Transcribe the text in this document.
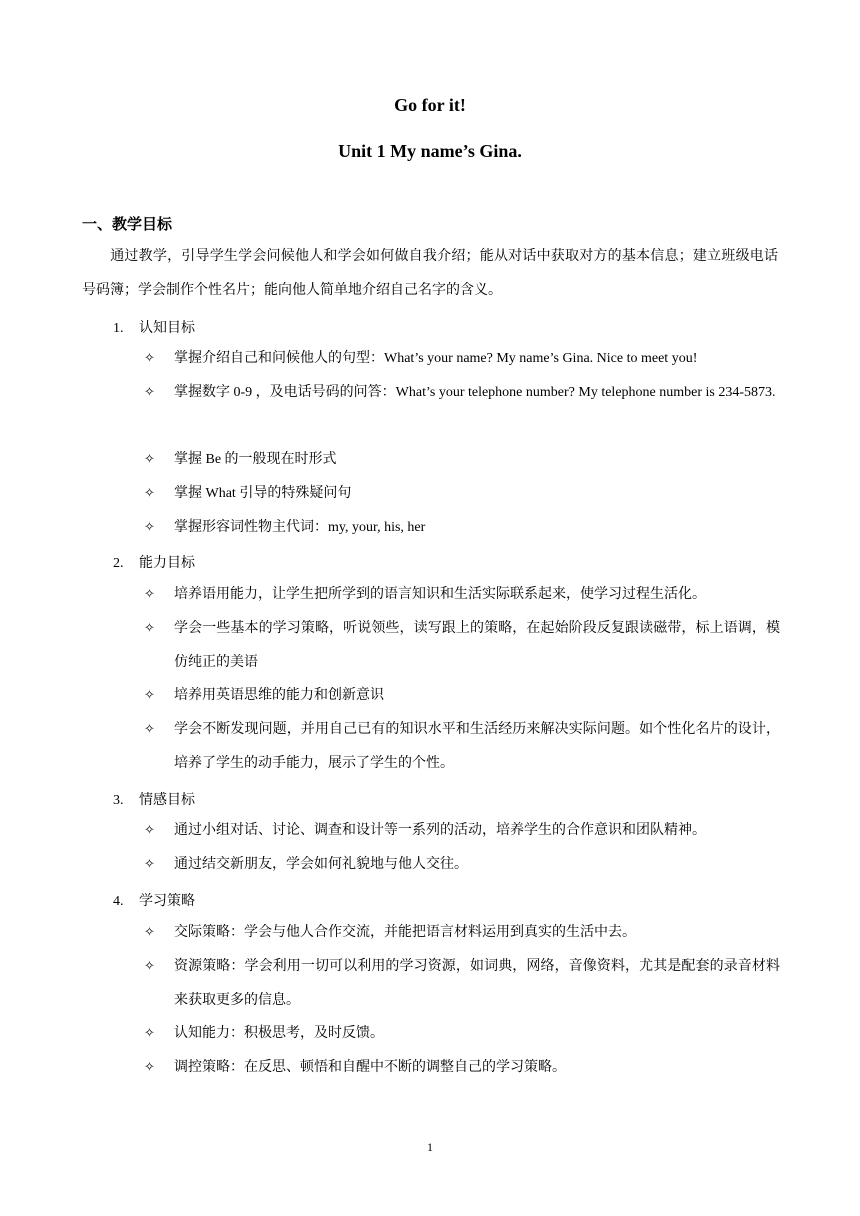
Go for it!
Unit 1 My name’s Gina.
一、教学目标
通过教学，引导学生学会问候他人和学会如何做自我介绍；能从对话中获取对方的基本信息；建立班级电话号码簿；学会制作个性名片；能向他人简单地介绍自己名字的含义。
1. 认知目标
✧	掌握介绍自己和问候他人的句型：What’s your name? My name’s Gina. Nice to meet you!
✧	掌握数字 0-9 ，及电话号码的问答：What’s your telephone number? My telephone number is 234-5873.
✧	掌握 Be 的一般现在时形式
✧	掌握 What 引导的特殊疑问句
✧	掌握形容词性物主代词：my, your, his, her
2. 能力目标
✧	培养语用能力，让学生把所学到的语言知识和生活实际联系起来，使学习过程生活化。
✧	学会一些基本的学习策略，听说领些，读写跟上的策略，在起始阶段反复跟读磁带，标上语调，模仿纯正的美语
✧	培养用英语思维的能力和创新意识
✧	学会不断发现问题，并用自己已有的知识水平和生活经历来解决实际问题。如个性化名片的设计，培养了学生的动手能力，展示了学生的个性。
3. 情感目标
✧	通过小组对话、讨论、调查和设计等一系列的活动，培养学生的合作意识和团队精神。
✧	通过结交新朋友，学会如何礼貌地与他人交往。
4. 学习策略
✧	交际策略：学会与他人合作交流，并能把语言材料运用到真实的生活中去。
✧	资源策略：学会利用一切可以利用的学习资源，如词典，网络，音像资料，尤其是配套的录音材料来获取更多的信息。
✧	认知能力：积极思考，及时反馈。
✧	调控策略：在反思、顿悟和自醒中不断的调整自己的学习策略。
1
